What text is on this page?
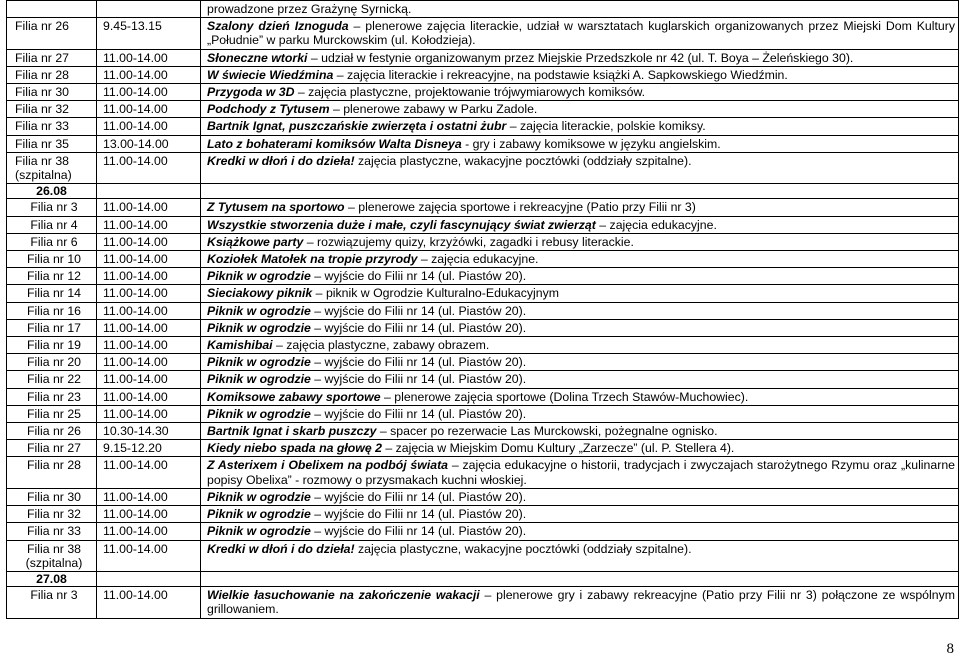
		prowadzone przez Grażynę Syrnicką.
Filia nr 26	9.45-13.15	Szalony dzień Iznoguda – plenerowe zajęcia literackie, udział w warsztatach kuglarskich organizowanych przez Miejski Dom Kultury „Południe” w parku Murckowskim (ul. Kołodzieja).
Filia nr 27	11.00-14.00	Słoneczne wtorki – udział w festynie organizowanym przez Miejskie Przedszkole nr 42 (ul. T. Boya – Żeleńskiego 30).
Filia nr 28	11.00-14.00	W świecie Wiedźmina – zajęcia literackie i rekreacyjne, na podstawie książki A. Sapkowskiego Wiedźmin.
Filia nr 30	11.00-14.00	Przygoda w 3D – zajęcia plastyczne, projektowanie trójwymiarowych komiksów.
Filia nr 32	11.00-14.00	Podchody z Tytusem – plenerowe zabawy w Parku Zadole.
Filia nr 33	11.00-14.00	Bartnik Ignat, puszczańskie zwierzęta i ostatni żubr – zajęcia literackie, polskie komiksy.
Filia nr 35	13.00-14.00	Lato z bohaterami komiksów Walta Disneya - gry i zabawy komiksowe w języku angielskim.
Filia nr 38 (szpitalna)	11.00-14.00	Kredki w dłoń i do dzieła! zajęcia plastyczne, wakacyjne pocztówki (oddziały szpitalne).
26.08		
Filia nr 3	11.00-14.00	Z Tytusem na sportowo – plenerowe zajęcia sportowe i rekreacyjne (Patio przy Filii nr 3)
Filia nr 4	11.00-14.00	Wszystkie stworzenia duże i małe, czyli fascynujący świat zwierząt – zajęcia edukacyjne.
Filia nr 6	11.00-14.00	Książkowe party – rozwiązujemy quizy, krzyżówki, zagadki i rebusy literackie.
Filia nr 10	11.00-14.00	Koziołek Matołek na tropie przyrody – zajęcia edukacyjne.
Filia nr 12	11.00-14.00	Piknik w ogrodzie – wyjście do Filii nr 14 (ul. Piastów 20).
Filia nr 14	11.00-14.00	Sieciakowy piknik – piknik w Ogrodzie Kulturalno-Edukacyjnym
Filia nr 16	11.00-14.00	Piknik w ogrodzie – wyjście do Filii nr 14 (ul. Piastów 20).
Filia nr 17	11.00-14.00	Piknik w ogrodzie – wyjście do Filii nr 14 (ul. Piastów 20).
Filia nr 19	11.00-14.00	Kamishibai – zajęcia plastyczne, zabawy obrazem.
Filia nr 20	11.00-14.00	Piknik w ogrodzie – wyjście do Filii nr 14 (ul. Piastów 20).
Filia nr 22	11.00-14.00	Piknik w ogrodzie – wyjście do Filii nr 14 (ul. Piastów 20).
Filia nr 23	11.00-14.00	Komiksowe zabawy sportowe – plenerowe zajęcia sportowe (Dolina Trzech Stawów-Muchowiec).
Filia nr 25	11.00-14.00	Piknik w ogrodzie – wyjście do Filii nr 14 (ul. Piastów 20).
Filia nr 26	10.30-14.30	Bartnik Ignat i skarb puszczy – spacer po rezerwacie Las Murckowski, pożegnalne ognisko.
Filia nr 27	9.15-12.20	Kiedy niebo spada na głowę 2 – zajęcia w Miejskim Domu Kultury „Zarzecze” (ul. P. Stellera 4).
Filia nr 28	11.00-14.00	Z Asterixem i Obelixem na podbój świata – zajęcia edukacyjne o historii, tradycjach i zwyczajach starożytnego Rzymu oraz „kulinarne popisy Obelixa” - rozmowy o przysmakach kuchni włoskiej.
Filia nr 30	11.00-14.00	Piknik w ogrodzie – wyjście do Filii nr 14 (ul. Piastów 20).
Filia nr 32	11.00-14.00	Piknik w ogrodzie – wyjście do Filii nr 14 (ul. Piastów 20).
Filia nr 33	11.00-14.00	Piknik w ogrodzie – wyjście do Filii nr 14 (ul. Piastów 20).
Filia nr 38 (szpitalna)	11.00-14.00	Kredki w dłoń i do dzieła! zajęcia plastyczne, wakacyjne pocztówki (oddziały szpitalne).
27.08		
Filia nr 3	11.00-14.00	Wielkie łasuchowanie na zakończenie wakacji – plenerowe gry i zabawy rekreacyjne (Patio przy Filii nr 3) połączone ze wspólnym grillowaniem.
8
